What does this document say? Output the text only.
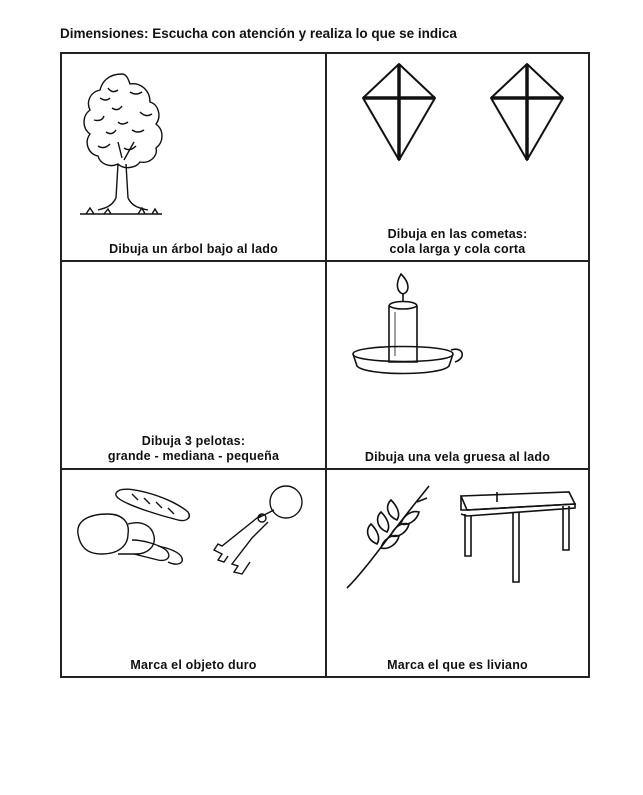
Dimensiones: Escucha con atención y realiza lo que se indica
Dibuja un árbol bajo al lado
Dibuja en las cometas:
cola larga y cola corta
Dibuja 3 pelotas:
grande - mediana - pequeña	Dibuja una vela gruesa al lado
Marca el objeto duro	Marca el que es liviano
